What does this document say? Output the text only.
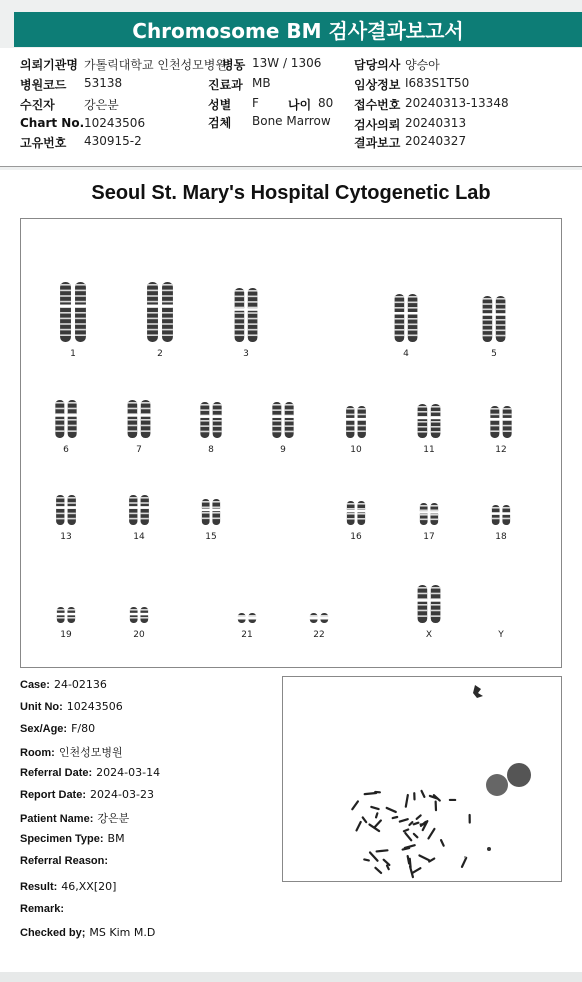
Chromosome BM 검사결과보고서
의뢰기관명 가톨릭대학교 인천성모병원
병동 13W / 1306	담당의사 양승아
병원코드 53138	진료과 MB	임상정보 I683S1T50
수진자 강은분	성별 F 나이 80 접수번호 20240313-13348
Chart No. 10243506	검체 Bone Marrow 검사의뢰 20240313
고유번호 430915-2	결과보고 20240327
Seoul St. Mary's Hospital Cytogenetic Lab
1	2	3	4	5
6	7	8	9	10	11	12
13	14	15	16	17	18
19	20	21	22	X	Y
Case: 24-02136
Unit No: 10243506
Sex/Age: F/80
Room: 인천성모병원
Referral Date: 2024-03-14
Report Date: 2024-03-23
Patient Name: 강은분
Specimen Type: BM
Referral Reason:
Result: 46,XX[20]
Remark:
Checked by; MS Kim M.D
